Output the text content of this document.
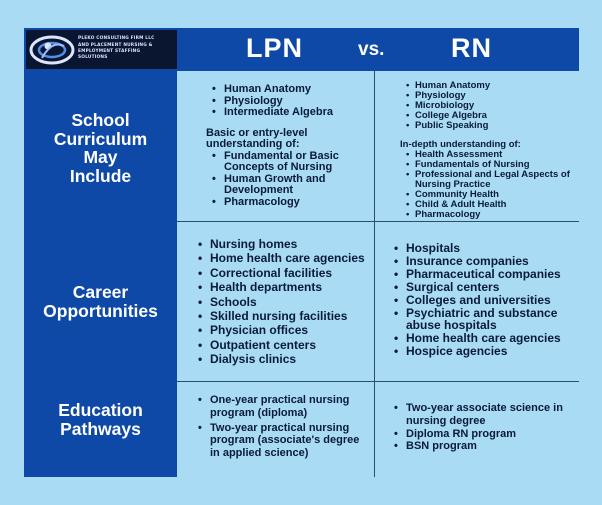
PLEKO CONSULTING FIRM LLC
AND PLACEMENT NURSING &
EMPLOYMENT STAFFING
SOLUTIONS	LPN	vs. RN
School
Curriculum
May
Include
Career
Opportunities
Education
Pathways
• Human Anatomy
• Physiology
• Intermediate Algebra

Basic or entry-level understanding of:

• Fundamental or Basic Concepts of Nursing
• Human Growth and Development
• Pharmacology
• Human Anatomy
• Physiology
• Microbiology
• College Algebra
• Public Speaking

In-depth understanding of:

• Health Assessment
• Fundamentals of Nursing
• Professional and Legal Aspects of Nursing Practice
• Community Health
• Child & Adult Health
• Pharmacology
• Nursing homes
• Home health care agencies
• Correctional facilities
• Health departments
• Schools
• Skilled nursing facilities
• Physician offices
• Outpatient centers
• Dialysis clinics
• Hospitals
• Insurance companies
• Pharmaceutical companies
• Surgical centers
• Colleges and universities
• Psychiatric and substance abuse hospitals
• Home health care agencies
• Hospice agencies
• One-year practical nursing program (diploma)
• Two-year practical nursing program (associate's degree in applied science)
• Two-year associate science in nursing degree
• Diploma RN program
• BSN program
